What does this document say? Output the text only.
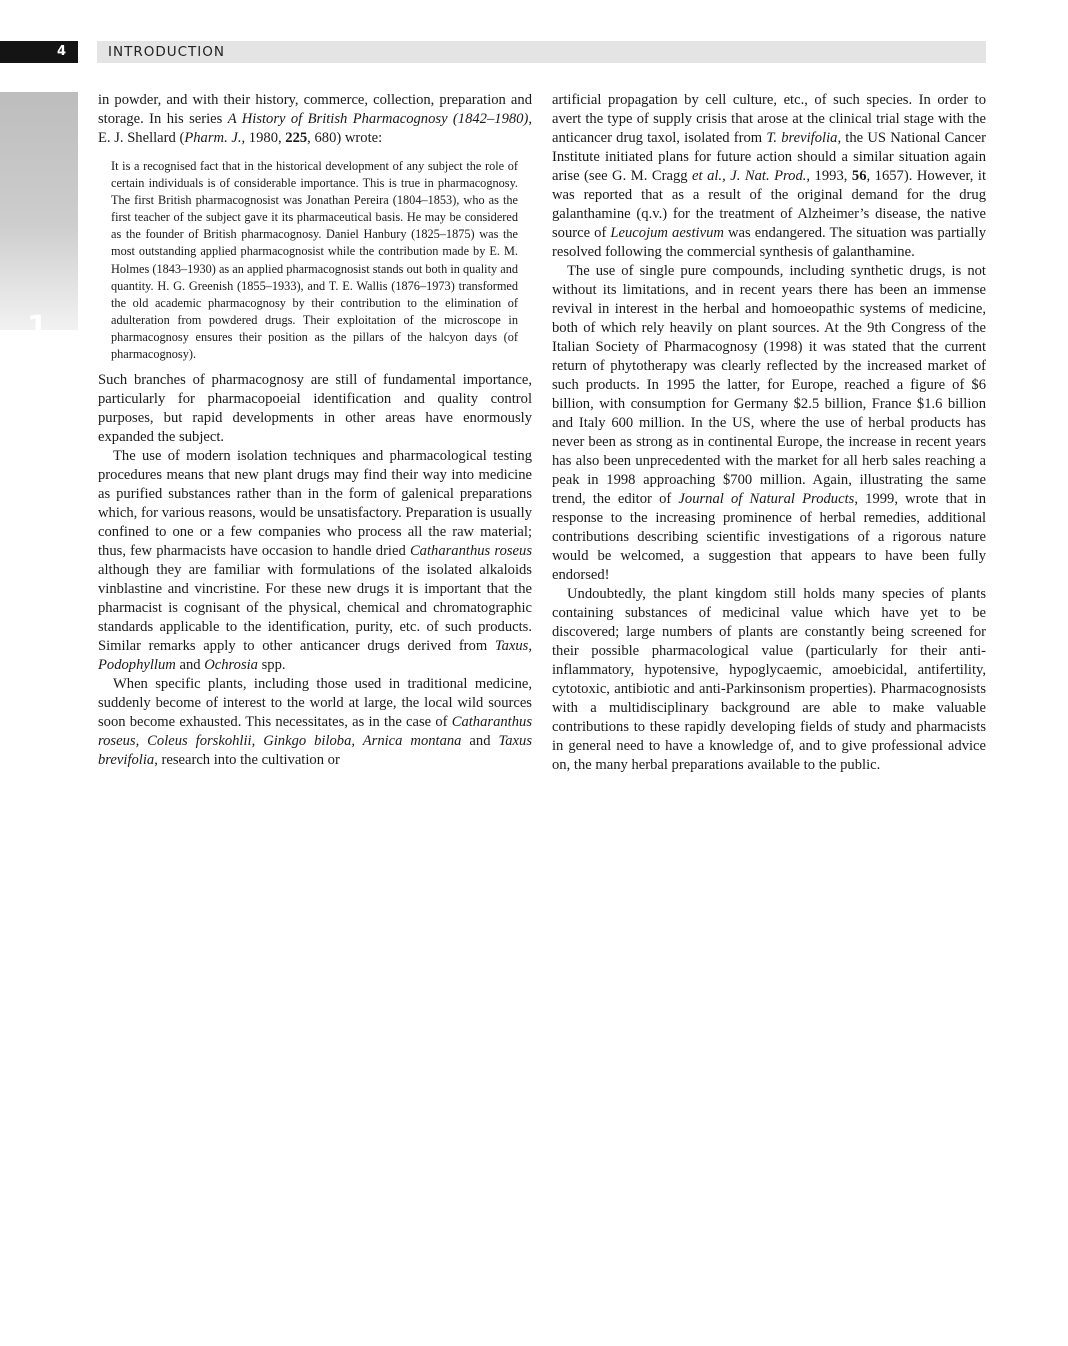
4	INTRODUCTION
1

in powder, and with their history, commerce, collection, preparation and storage. In his series A History of British Pharmacognosy (1842–1980), E. J. Shellard (Pharm. J., 1980, 225, 680) wrote:

It is a recognised fact that in the historical development of any subject the role of certain individuals is of considerable importance. This is true in pharmacognosy. The first British pharmacognosist was Jonathan Pereira (1804–1853), who as the first teacher of the subject gave it its pharmaceutical basis. He may be considered as the founder of British pharmacognosy. Daniel Hanbury (1825–1875) was the most outstanding applied pharmacognosist while the contribution made by E. M. Holmes (1843–1930) as an applied pharmacognosist stands out both in quality and quantity. H. G. Greenish (1855–1933), and T. E. Wallis (1876–1973) transformed the old academic pharmacognosy by their contribution to the elimination of adulteration from powdered drugs. Their exploitation of the microscope in pharmacognosy ensures their position as the pillars of the halcyon days (of pharmacognosy).

Such branches of pharmacognosy are still of fundamental importance, particularly for pharmacopoeial identification and quality control purposes, but rapid developments in other areas have enormously expanded the subject.

The use of modern isolation techniques and pharmacological testing procedures means that new plant drugs may find their way into medicine as purified substances rather than in the form of galenical preparations which, for various reasons, would be unsatisfactory. Preparation is usually confined to one or a few companies who process all the raw material; thus, few pharmacists have occasion to handle dried Catharanthus roseus although they are familiar with formulations of the isolated alkaloids vinblastine and vincristine. For these new drugs it is important that the pharmacist is cognisant of the physical, chemical and chromatographic standards applicable to the identification, purity, etc. of such products. Similar remarks apply to other anticancer drugs derived from Taxus, Podophyllum and Ochrosia spp.

When specific plants, including those used in traditional medicine, suddenly become of interest to the world at large, the local wild sources soon become exhausted. This necessitates, as in the case of Catharanthus roseus, Coleus forskohlii, Ginkgo biloba, Arnica montana and Taxus brevifolia, research into the cultivation or

artificial propagation by cell culture, etc., of such species. In order to avert the type of supply crisis that arose at the clinical trial stage with the anticancer drug taxol, isolated from T. brevifolia, the US National Cancer Institute initiated plans for future action should a similar situation again arise (see G. M. Cragg et al., J. Nat. Prod., 1993, 56, 1657). However, it was reported that as a result of the original demand for the drug galanthamine (q.v.) for the treatment of Alzheimer’s disease, the native source of Leucojum aestivum was endangered. The situation was partially resolved following the commercial synthesis of galanthamine.

The use of single pure compounds, including synthetic drugs, is not without its limitations, and in recent years there has been an immense revival in interest in the herbal and homoeopathic systems of medicine, both of which rely heavily on plant sources. At the 9th Congress of the Italian Society of Pharmacognosy (1998) it was stated that the current return of phytotherapy was clearly reflected by the increased market of such products. In 1995 the latter, for Europe, reached a figure of $6 billion, with consumption for Germany $2.5 billion, France $1.6 billion and Italy 600 million. In the US, where the use of herbal products has never been as strong as in continental Europe, the increase in recent years has also been unprecedented with the market for all herb sales reaching a peak in 1998 approaching $700 million. Again, illustrating the same trend, the editor of Journal of Natural Products, 1999, wrote that in response to the increasing prominence of herbal remedies, additional contributions describing scientific investigations of a rigorous nature would be welcomed, a suggestion that appears to have been fully endorsed!

Undoubtedly, the plant kingdom still holds many species of plants containing substances of medicinal value which have yet to be discovered; large numbers of plants are constantly being screened for their possible pharmacological value (particularly for their anti-inflammatory, hypotensive, hypoglycaemic, amoebicidal, antifertility, cytotoxic, antibiotic and anti-Parkinsonism properties). Pharmacognosists with a multidisciplinary background are able to make valuable contributions to these rapidly developing fields of study and pharmacists in general need to have a knowledge of, and to give professional advice on, the many herbal preparations available to the public.
